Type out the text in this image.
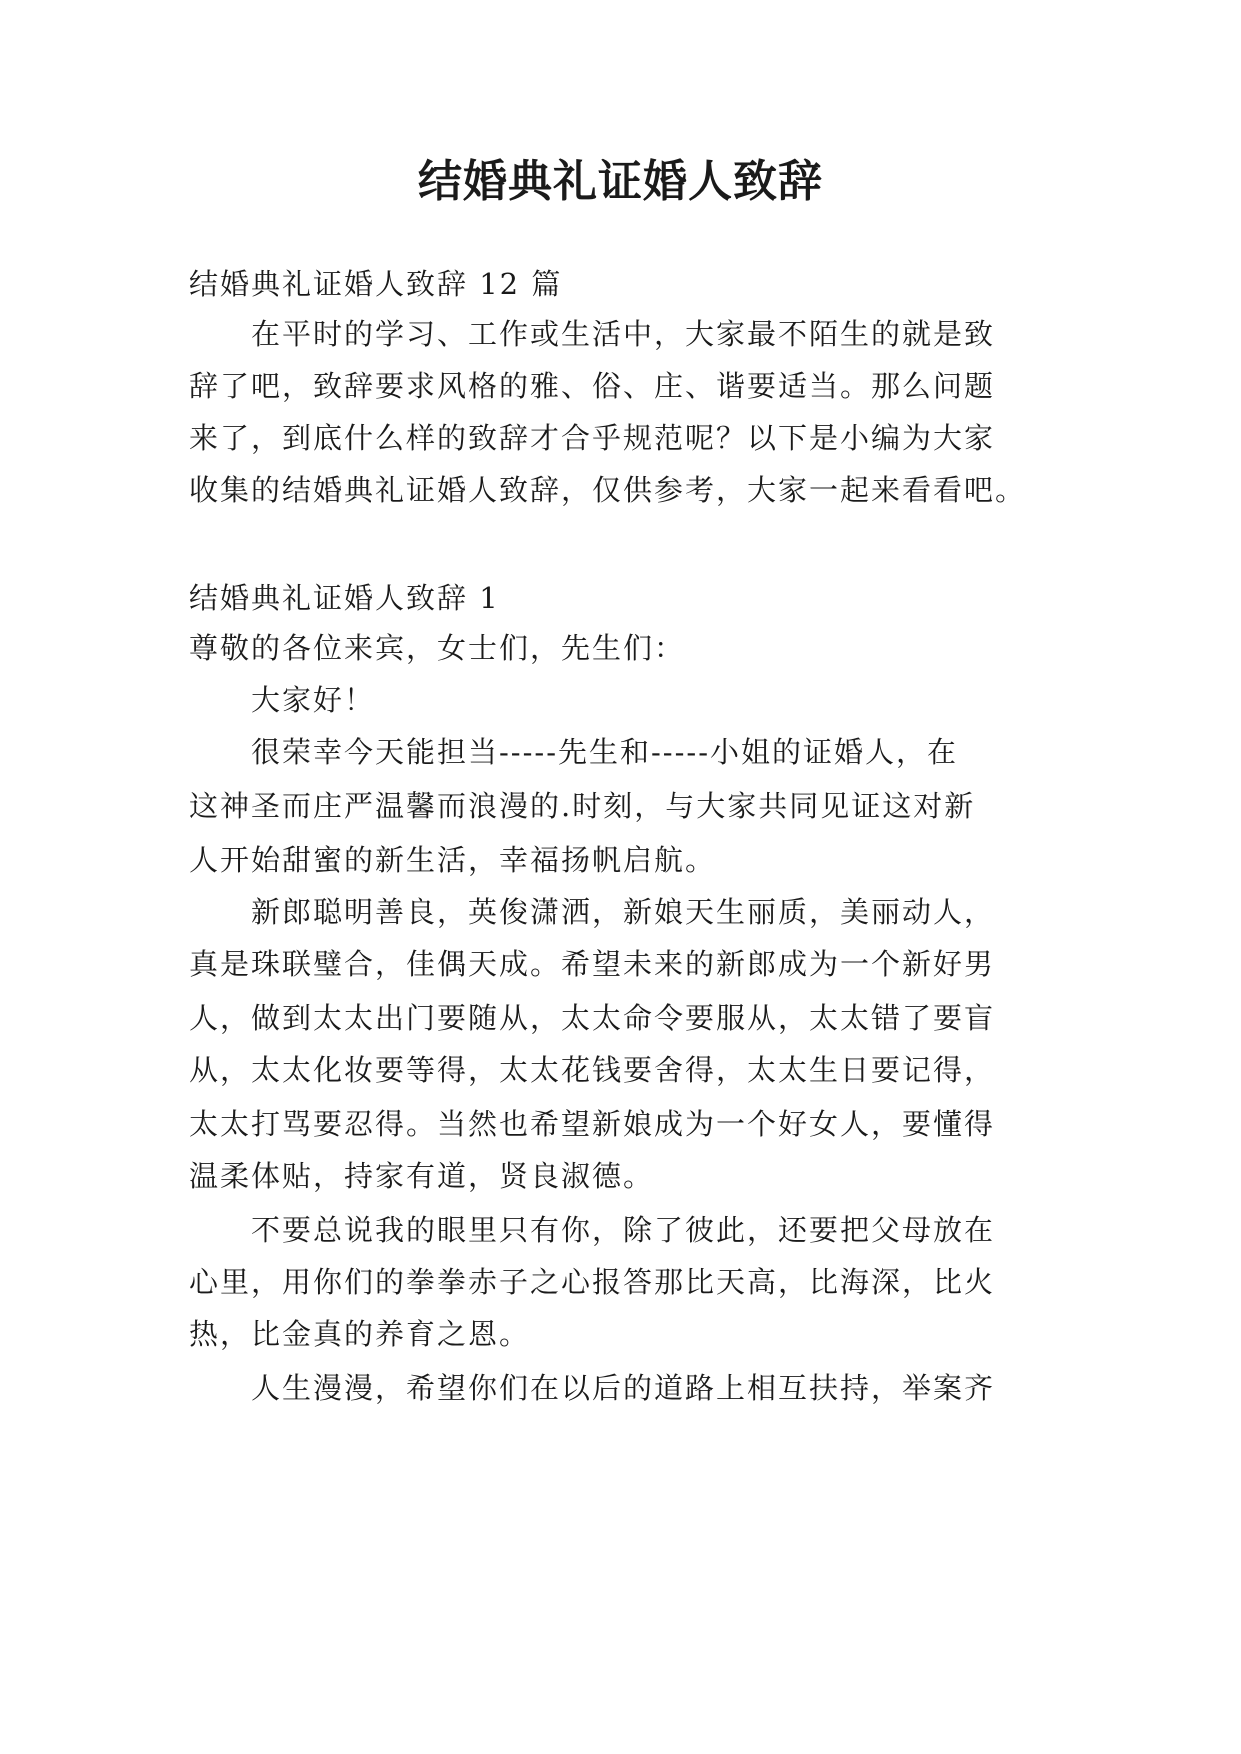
结婚典礼证婚人致辞

结婚典礼证婚人致辞 12 篇

　　在平时的学习、工作或生活中，大家最不陌生的就是致

辞了吧，致辞要求风格的雅、俗、庄、谐要适当。那么问题

来了，到底什么样的致辞才合乎规范呢？以下是小编为大家

收集的结婚典礼证婚人致辞，仅供参考，大家一起来看看吧。

结婚典礼证婚人致辞 1

尊敬的各位来宾，女士们，先生们：

　　大家好！

　　很荣幸今天能担当-----先生和-----小姐的证婚人，在

这神圣而庄严温馨而浪漫的.时刻，与大家共同见证这对新

人开始甜蜜的新生活，幸福扬帆启航。

　　新郎聪明善良，英俊潇洒，新娘天生丽质，美丽动人，

真是珠联璧合，佳偶天成。希望未来的新郎成为一个新好男

人，做到太太出门要随从，太太命令要服从，太太错了要盲

从，太太化妆要等得，太太花钱要舍得，太太生日要记得，

太太打骂要忍得。当然也希望新娘成为一个好女人，要懂得

温柔体贴，持家有道，贤良淑德。

　　不要总说我的眼里只有你，除了彼此，还要把父母放在

心里，用你们的拳拳赤子之心报答那比天高，比海深，比火

热，比金真的养育之恩。

　　人生漫漫，希望你们在以后的道路上相互扶持，举案齐
